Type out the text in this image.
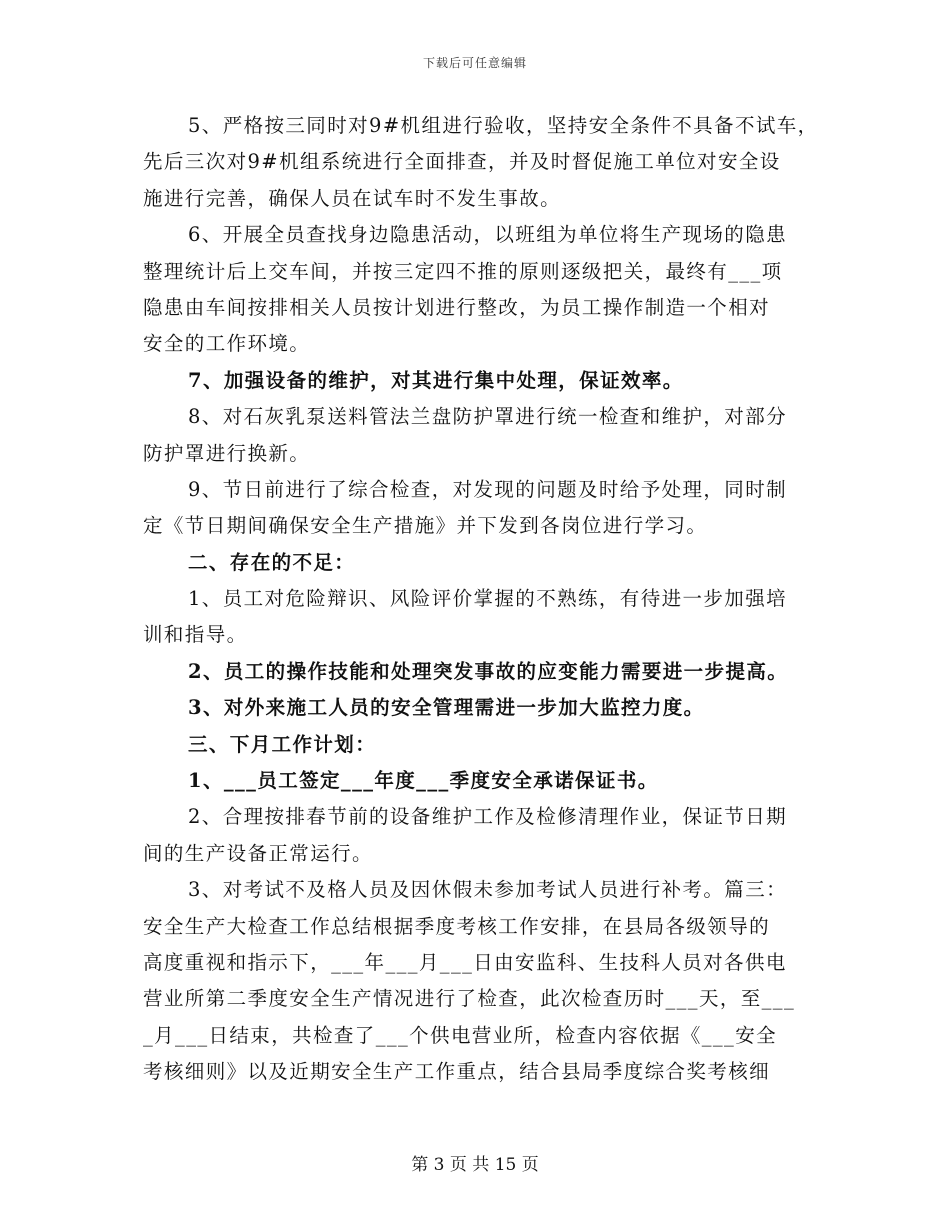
下载后可任意编辑
5、严格按三同时对9#机组进行验收，坚持安全条件不具备不试车，
先后三次对9#机组系统进行全面排查，并及时督促施工单位对安全设
施进行完善，确保人员在试车时不发生事故。
6、开展全员查找身边隐患活动，以班组为单位将生产现场的隐患
整理统计后上交车间，并按三定四不推的原则逐级把关，最终有___项
隐患由车间按排相关人员按计划进行整改，为员工操作制造一个相对
安全的工作环境。
7、加强设备的维护，对其进行集中处理，保证效率。
8、对石灰乳泵送料管法兰盘防护罩进行统一检查和维护，对部分
防护罩进行换新。
9、节日前进行了综合检查，对发现的问题及时给予处理，同时制
定《节日期间确保安全生产措施》并下发到各岗位进行学习。
二、存在的不足：
1、员工对危险辩识、风险评价掌握的不熟练，有待进一步加强培
训和指导。
2、员工的操作技能和处理突发事故的应变能力需要进一步提高。
3、对外来施工人员的安全管理需进一步加大监控力度。
三、下月工作计划：
1、___员工签定___年度___季度安全承诺保证书。
2、合理按排春节前的设备维护工作及检修清理作业，保证节日期
间的生产设备正常运行。
3、对考试不及格人员及因休假未参加考试人员进行补考。篇三：
安全生产大检查工作总结根据季度考核工作安排，在县局各级领导的
高度重视和指示下，___年___月___日由安监科、生技科人员对各供电
营业所第二季度安全生产情况进行了检查，此次检查历时___天，至___
_月___日结束，共检查了___个供电营业所，检查内容依据《___安全
考核细则》以及近期安全生产工作重点，结合县局季度综合奖考核细
第 3 页 共 15 页
